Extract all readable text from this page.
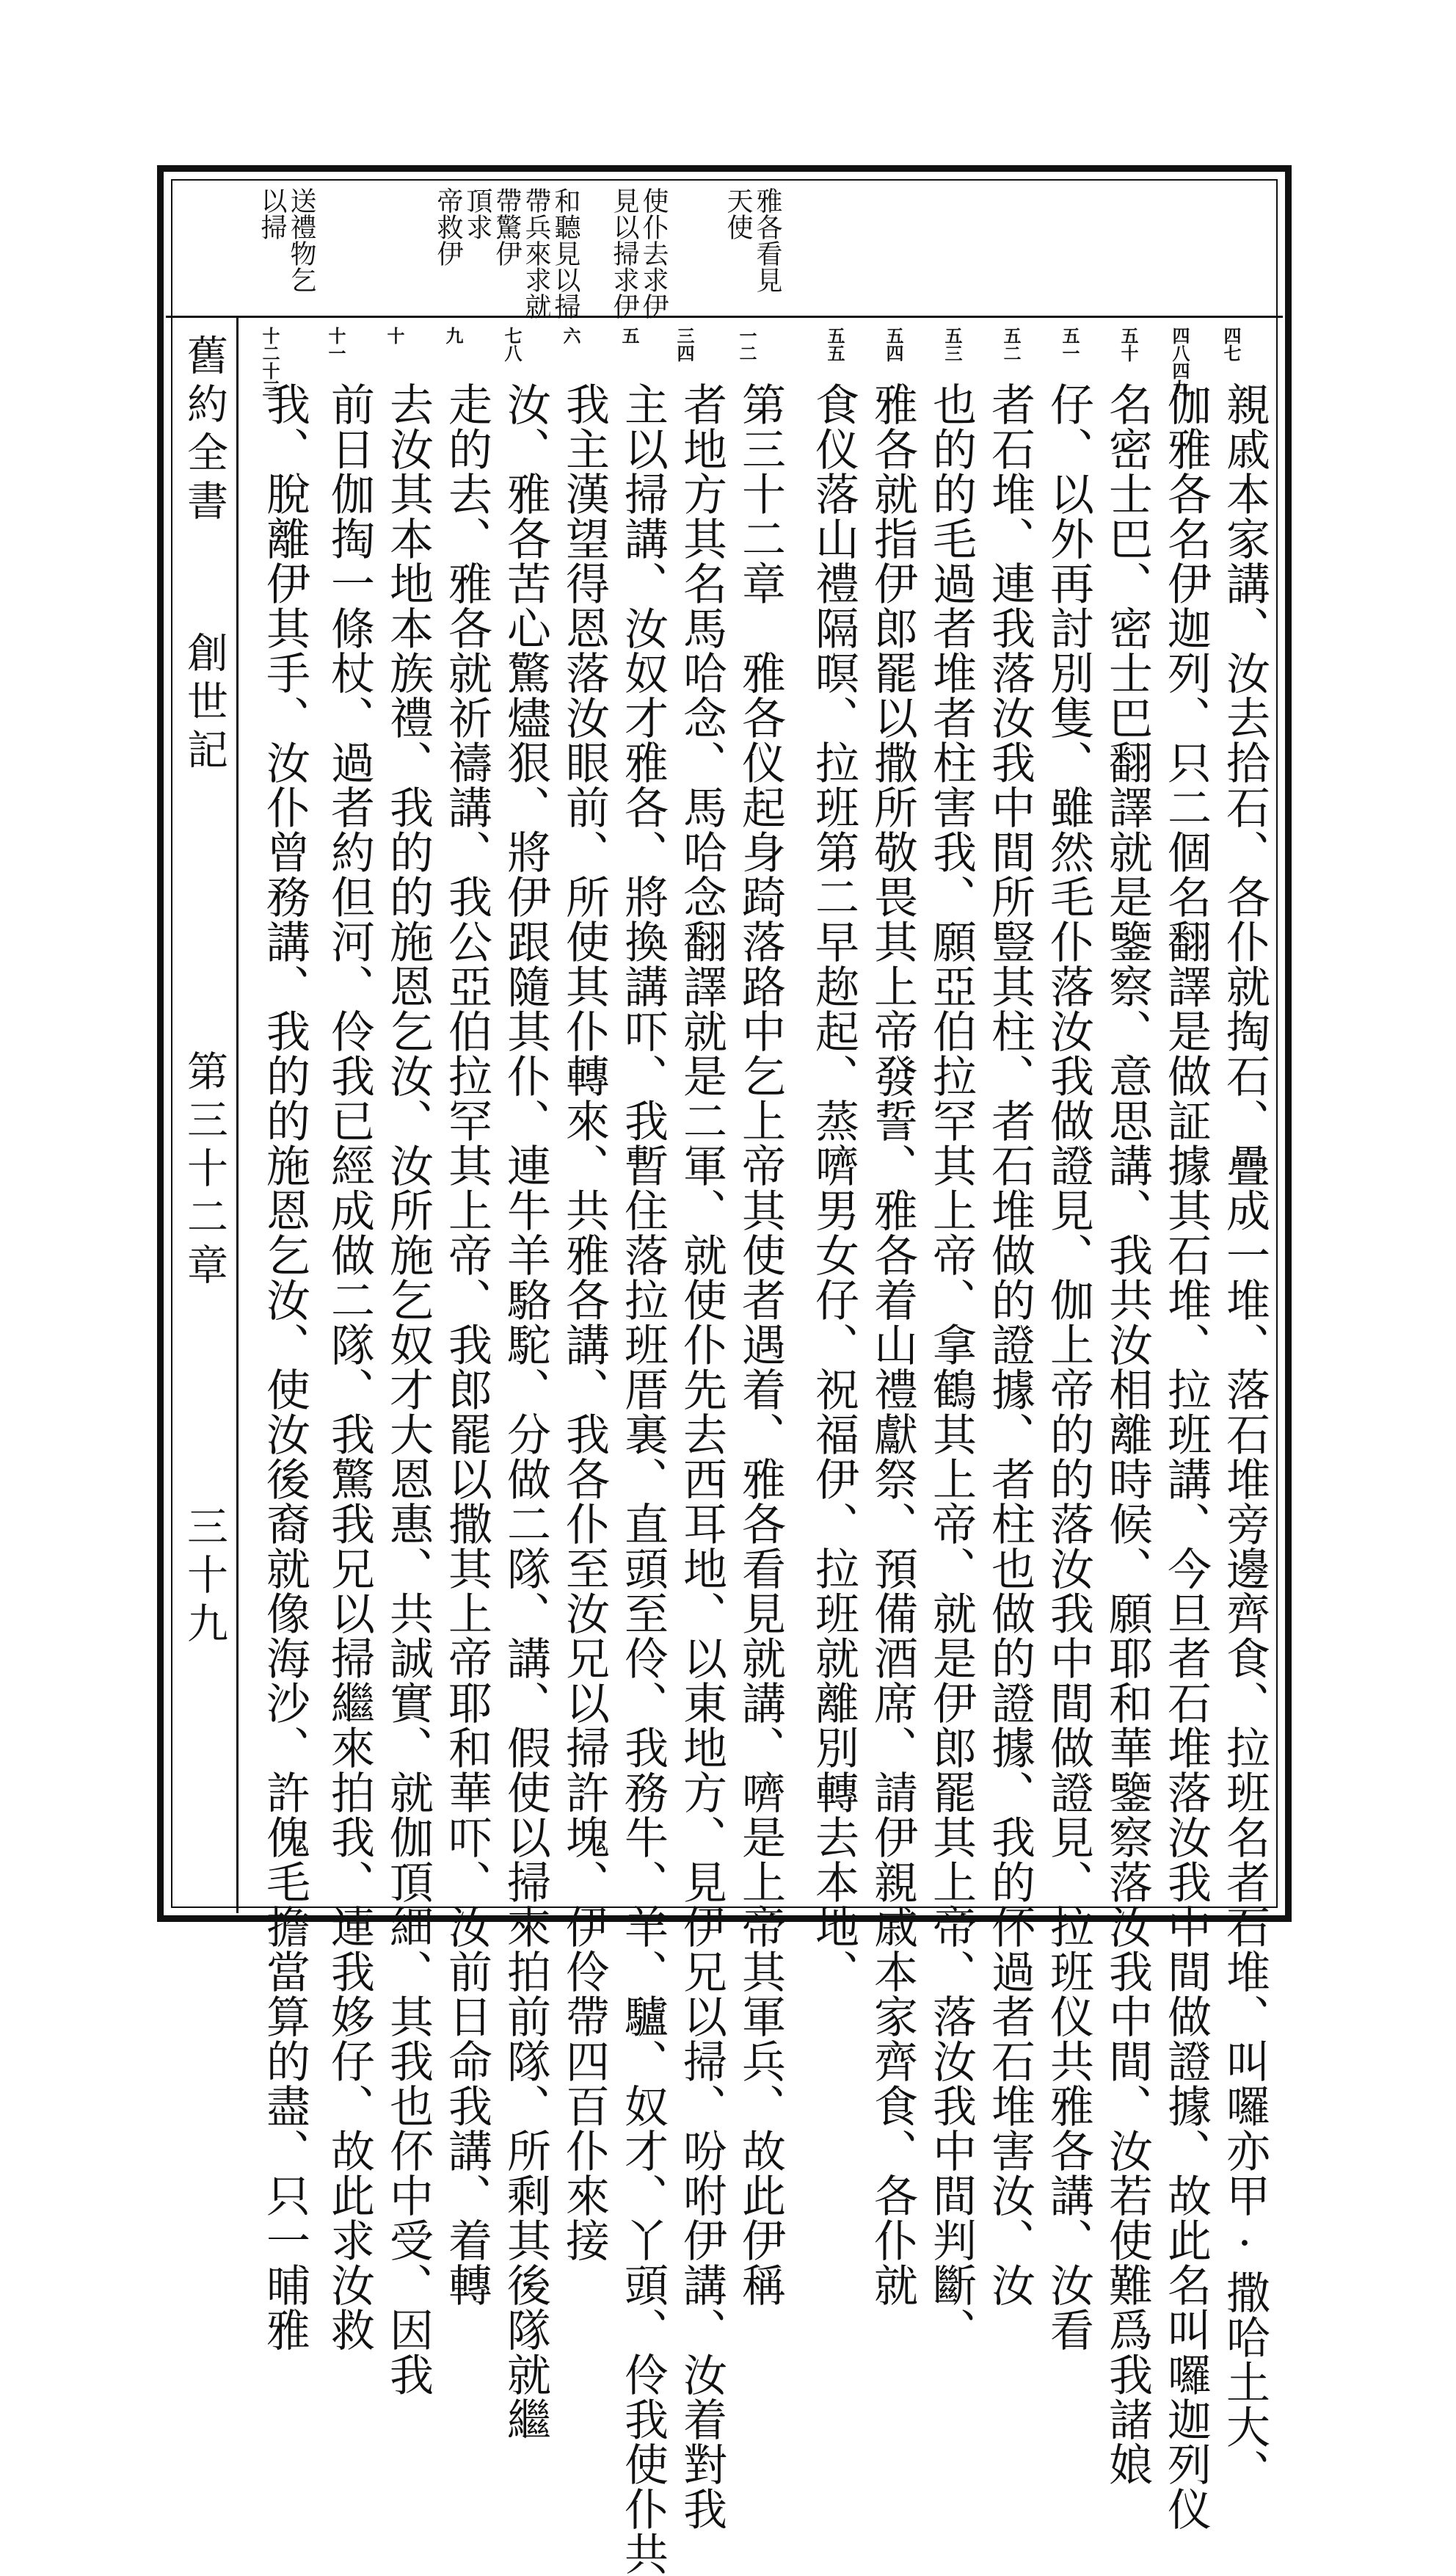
舊約全書
創世記
第三十二章
三十九
雅各看見
天使
使仆去求伊
見以掃求伊
和聽見以掃
帶兵來求就
帶驚伊
頂求
帝救伊
送禮物乞
以掃
四七
四八四九
五十
五一
五二
五三
五四
五五
一二
三四
五
六
七八
九
十
十一
十二十三
親戚本家講、汝去拾石、各仆就掏石、疊成一堆、落石堆旁邊齊食、拉班名者石堆、叫囉亦甲·撒哈土大、
伽雅各名伊迦列、只二個名翻譯是做証據其石堆、拉班講、今旦者石堆落汝我中間做證據、故此名叫囉迦列仪
名密士巴、密士巴翻譯就是鑒察、意思講、我共汝相離時候、願耶和華鑒察落汝我中間、汝若使難爲我諸娘
仔、以外再討別隻、雖然毛仆落汝我做證見、伽上帝的的落汝我中間做證見、拉班仪共雅各講、汝看
者石堆、連我落汝我中間所豎其柱、者石堆做的證據、者柱也做的證據、我的伓過者石堆害汝、汝
也的的毛過者堆者柱害我、願亞伯拉罕其上帝、拿鶴其上帝、就是伊郎罷其上帝、落汝我中間判斷、
雅各就指伊郎罷以撒所敬畏其上帝發誓、雅各着山禮獻祭、預備酒席、請伊親戚本家齊食、各仆就
食仪落山禮隔暝、拉班第二早趂起、蒸嚌男女仔、祝福伊、拉班就離別轉去本地、
第三十二章　雅各仪起身踦落路中乞上帝其使者遇着、雅各看見就講、嚌是上帝其軍兵、故此伊稱
者地方其名馬哈念、馬哈念翻譯就是二軍、就使仆先去西耳地、以東地方、見伊兄以掃、吩咐伊講、汝着對我
主以掃講、汝奴才雅各、將換講吓、我暫住落拉班厝裏、直頭至伶、我務牛、羊、驢、奴才、丫頭、伶我使仆共
我主漢望得恩落汝眼前、所使其仆轉來、共雅各講、我各仆至汝兄以掃許塊、伊伶帶四百仆來接
汝、雅各苦心驚燼狠、將伊跟隨其仆、連牛羊駱駝、分做二隊、講、假使以掃來拍前隊、所剩其後隊就繼
走的去、雅各就祈禱講、我公亞伯拉罕其上帝、我郎罷以撒其上帝耶和華吓、汝前日命我講、着轉
去汝其本地本族禮、我的的施恩乞汝、汝所施乞奴才大恩惠、共誠實、就伽頂細、其我也伓中受、因我
前日伽掏一條杖、過者約但河、伶我已經成做二隊、我驚我兄以掃繼來拍我、連我姼仔、故此求汝救
我、脫離伊其手、汝仆曾務講、我的的施恩乞汝、使汝後裔就像海沙、許傀毛擔當算的盡、只一晡雅
